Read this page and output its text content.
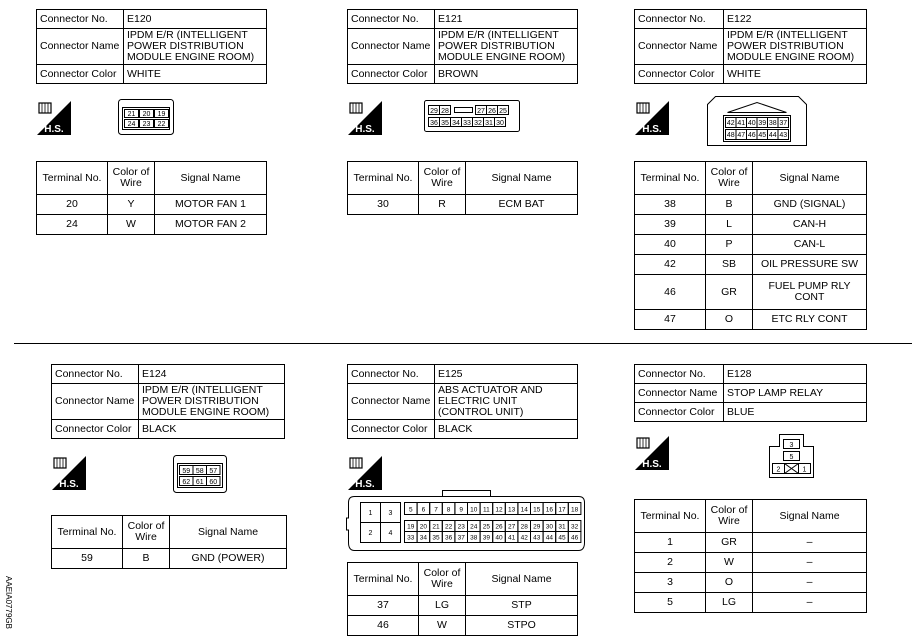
Connector No.	E120
Connector Name	IPDM E/R (INTELLIGENT POWER DISTRIBUTION MODULE ENGINE ROOM)
Connector Color	WHITE
H.S.
21 20 19
24 23 22
Terminal No.	Color of Wire	Signal Name
20	Y	MOTOR FAN 1
24	W	MOTOR FAN 2
Connector No.	E121
Connector Name	IPDM E/R (INTELLIGENT POWER DISTRIBUTION MODULE ENGINE ROOM)
Connector Color	BROWN
H.S.
29 28	27 26 25
36 35 34 33 32 31 30
Terminal No.	Color of Wire	Signal Name
30	R	ECM BAT
Connector No.	E122
Connector Name	IPDM E/R (INTELLIGENT POWER DISTRIBUTION MODULE ENGINE ROOM)
Connector Color	WHITE
H.S.
42 41 40 39 38 37
48 47 46 45 44 43
Terminal No.	Color of Wire	Signal Name
38	B	GND (SIGNAL)
39	L	CAN-H
40	P	CAN-L
42	SB	OIL PRESSURE SW
46	GR	FUEL PUMP RLY CONT
47	O	ETC RLY CONT
Connector No.	E124
Connector Name	IPDM E/R (INTELLIGENT POWER DISTRIBUTION MODULE ENGINE ROOM)
Connector Color	BLACK
H.S.
59 58 57
62 61 60
Terminal No.	Color of Wire	Signal Name
59	B	GND (POWER)
Connector No.	E125
Connector Name	ABS ACTUATOR AND ELECTRIC UNIT (CONTROL UNIT)
Connector Color	BLACK
H.S.
1 3
2 4
5 6 7 8 9 10 11 12 13 14 15 16 17 18
19 20 21 22 23 24 25 26 27 28 29 30 31 32
33 34 35 36 37 38 39 40 41 42 43 44 45 46
Terminal No.	Color of Wire	Signal Name
37	LG	STP
46	W	STPO
Connector No.	E128
Connector Name	STOP LAMP RELAY
Connector Color	BLUE
H.S.
3
5
2	1
Terminal No.	Color of Wire	Signal Name
1	GR	–
2	W	–
3	O	–
5	LG	–
AAEIA0779GB
